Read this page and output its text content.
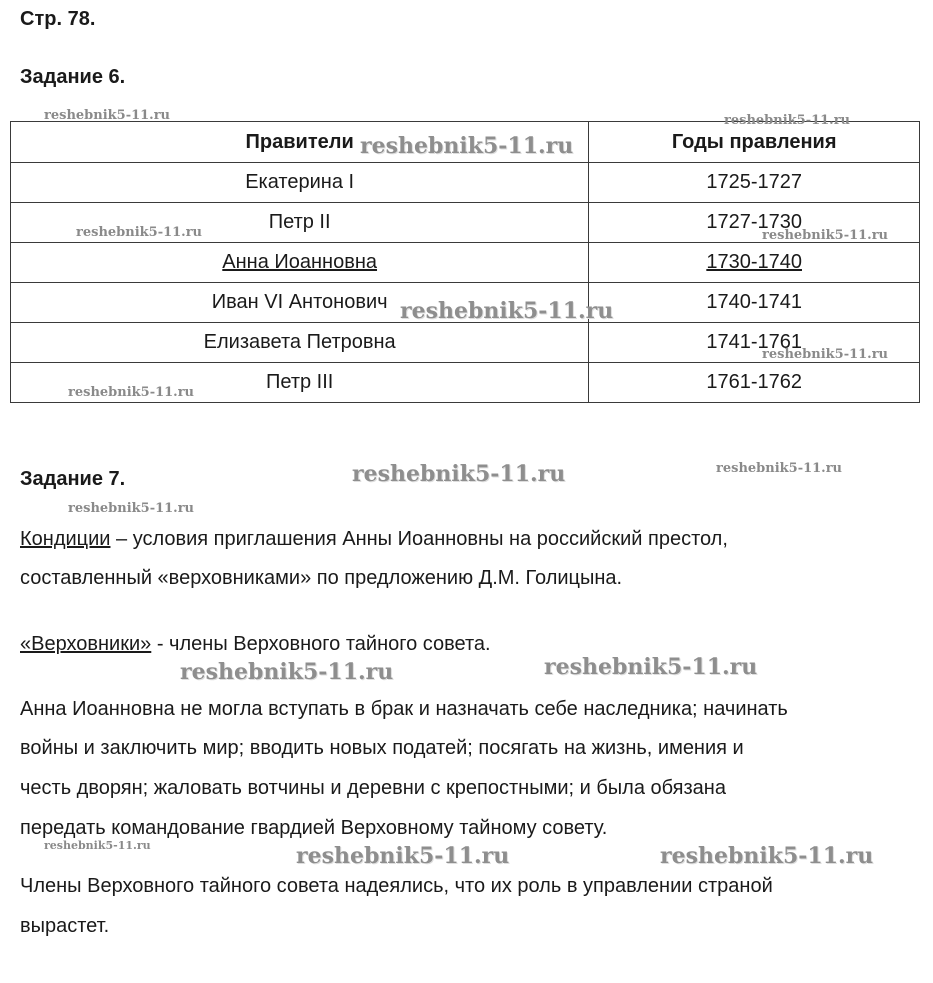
Стр. 78.
Задание 6.
Правители	Годы правления
Екатерина I	1725-1727
Петр II	1727-1730
Анна Иоанновна	1730-1740
Иван VI Антонович	1740-1741
Елизавета Петровна	1741-1761
Петр III	1761-1762
Задание 7.
Кондиции – условия приглашения Анны Иоанновны на российский престол,
составленный «верховниками» по предложению Д.М. Голицына.
«Верховники» - члены Верховного тайного совета.
Анна Иоанновна не могла вступать в брак и назначать себе наследника; начинать
войны и заключить мир; вводить новых податей; посягать на жизнь, имения и
честь дворян; жаловать вотчины и деревни с крепостными; и была обязана
передать командование гвардией Верховному тайному совету.
Члены Верховного тайного совета надеялись, что их роль в управлении страной
вырастет.
reshebnik5-11.ru	reshebnik5-11.ru
reshebnik5-11.ru
reshebnik5-11.ru	reshebnik5-11.ru
reshebnik5-11.ru
reshebnik5-11.ru
reshebnik5-11.ru
reshebnik5-11.ru	reshebnik5-11.ru
reshebnik5-11.ru
reshebnik5-11.ru	reshebnik5-11.ru
reshebnik5-11.ru	reshebnik5-11.ru	reshebnik5-11.ru
